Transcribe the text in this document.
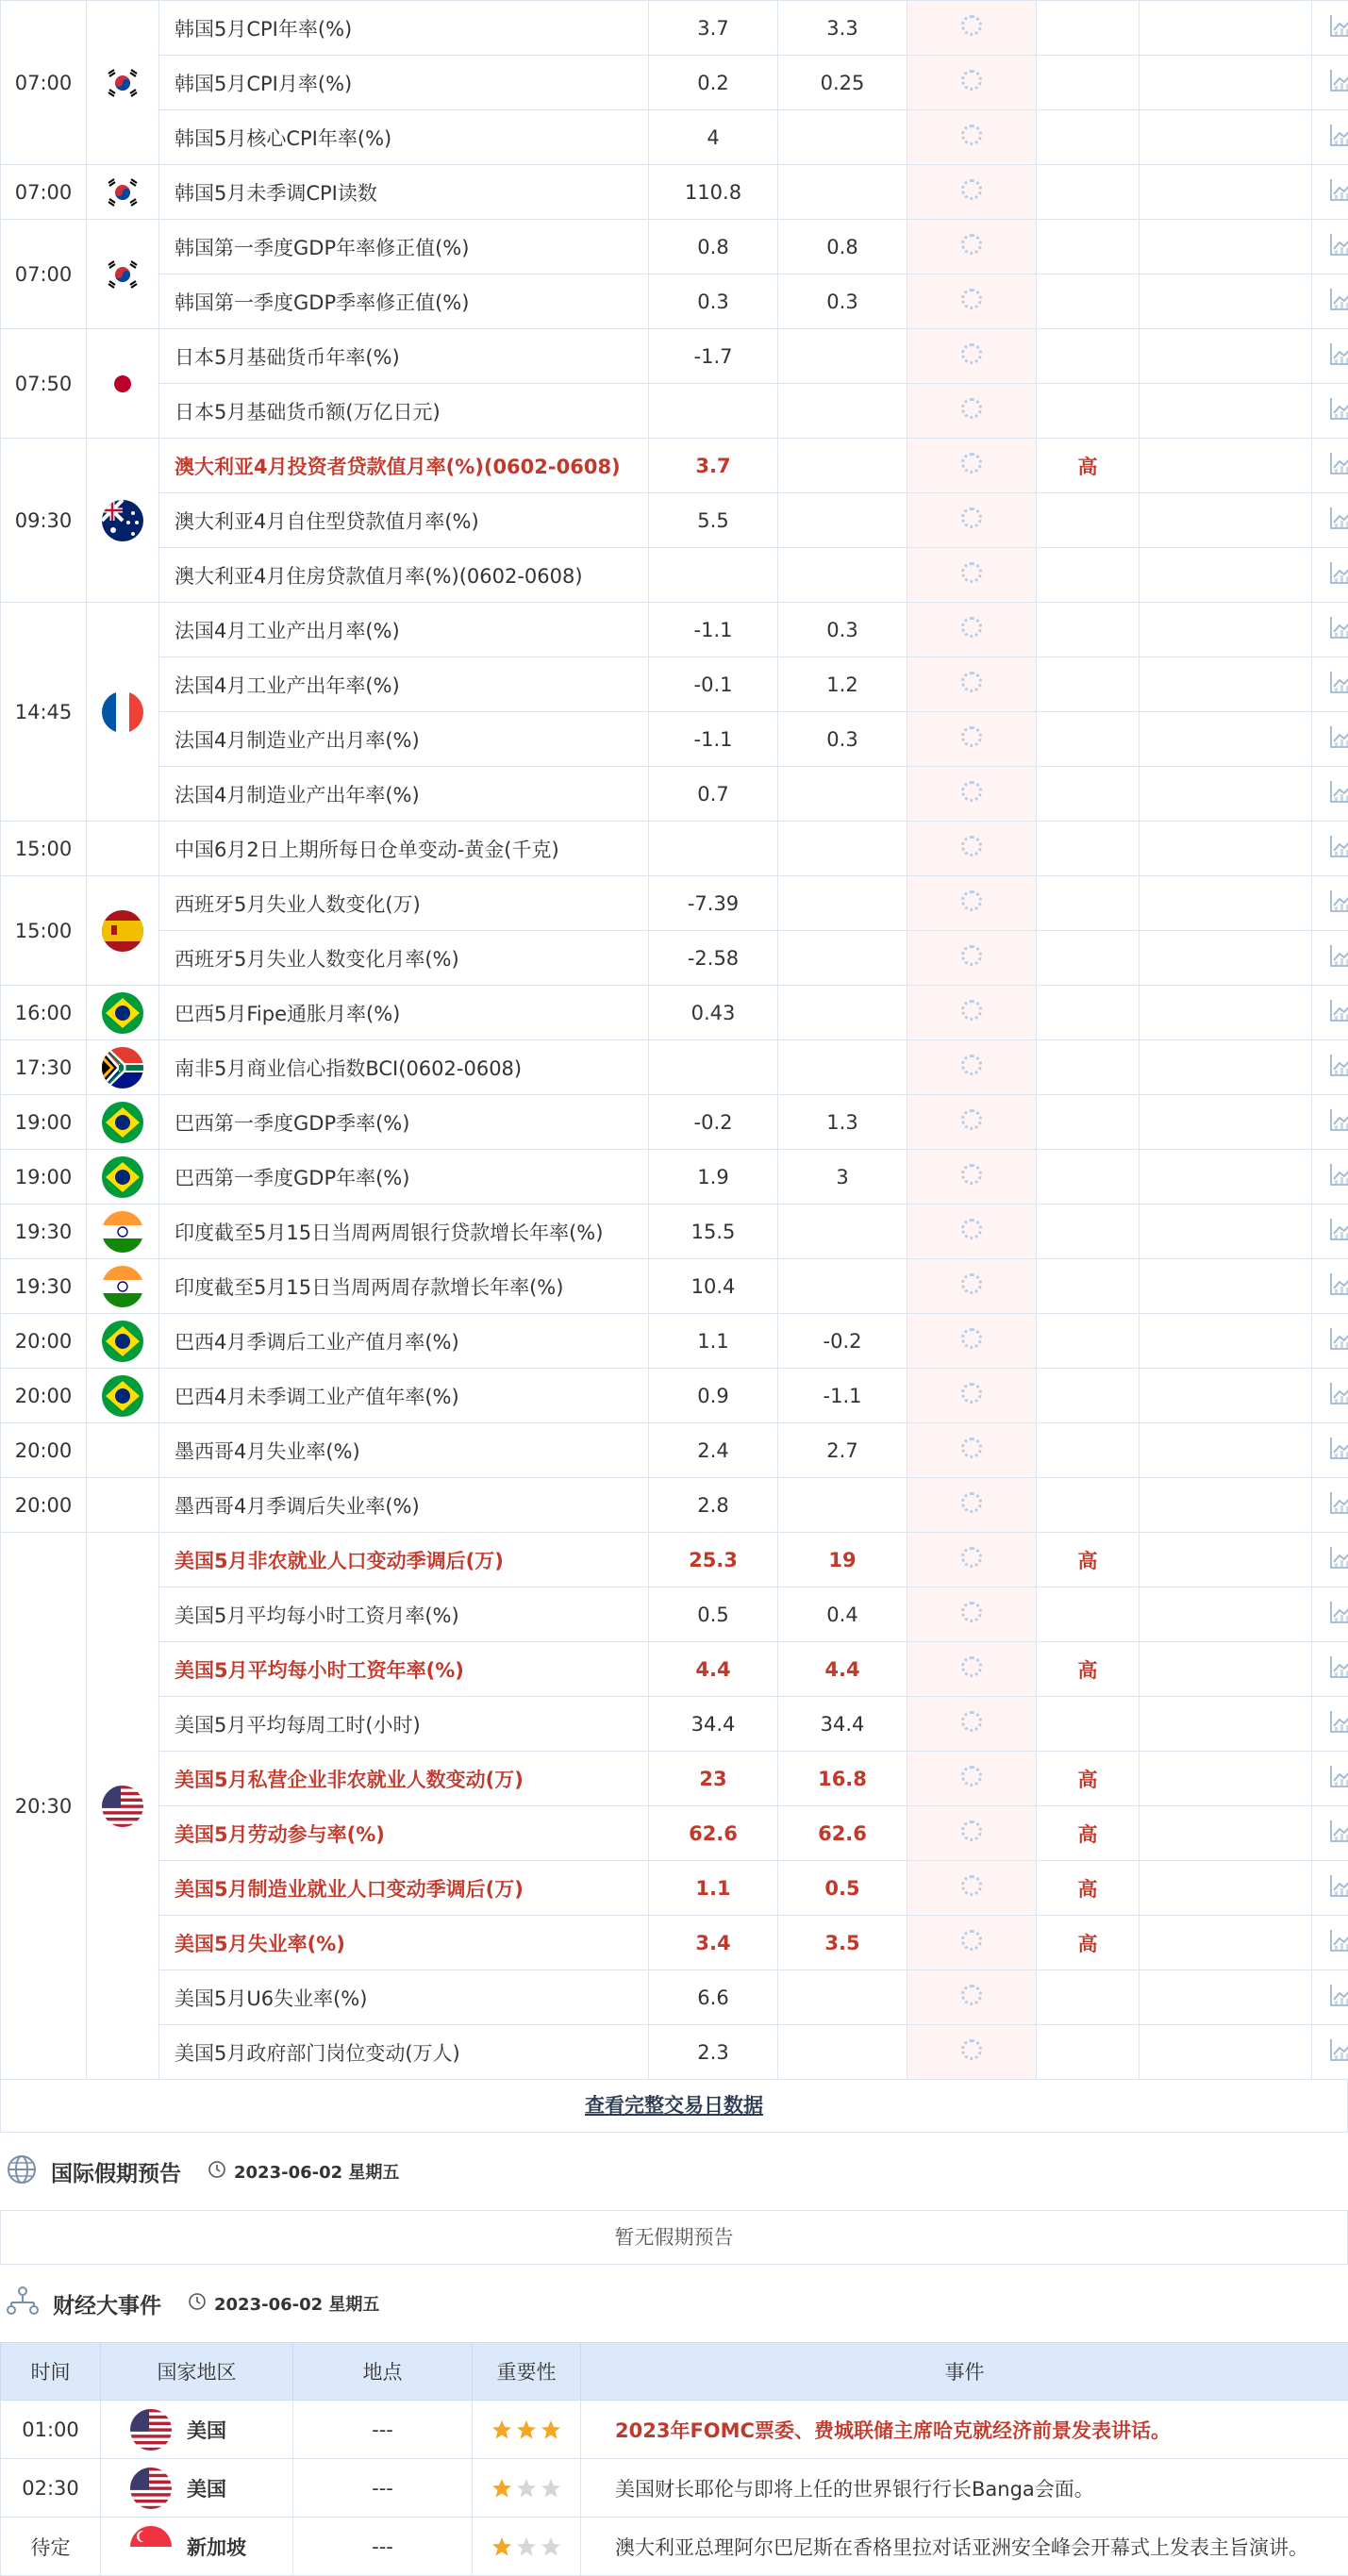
07:00		韩国5月CPI年率(%)	3.7	3.3				
		韩国5月CPI月率(%)	0.2	0.25				
		韩国5月核心CPI年率(%)	4					
07:00		韩国5月未季调CPI读数	110.8					
07:00		韩国第一季度GDP年率修正值(%)	0.8	0.8				
		韩国第一季度GDP季率修正值(%)	0.3	0.3				
07:50		日本5月基础货币年率(%)	-1.7					
		日本5月基础货币额(万亿日元)						
09:30		澳大利亚4月投资者贷款值月率(%)(0602-0608)	3.7			高		
		澳大利亚4月自住型贷款值月率(%)	5.5					
		澳大利亚4月住房贷款值月率(%)(0602-0608)						
14:45		法国4月工业产出月率(%)	-1.1	0.3				
		法国4月工业产出年率(%)	-0.1	1.2				
		法国4月制造业产出月率(%)	-1.1	0.3				
		法国4月制造业产出年率(%)	0.7					
15:00		中国6月2日上期所每日仓单变动-黄金(千克)						
15:00		西班牙5月失业人数变化(万)	-7.39					
		西班牙5月失业人数变化月率(%)	-2.58					
16:00		巴西5月Fipe通胀月率(%)	0.43					
17:30		南非5月商业信心指数BCI(0602-0608)						
19:00		巴西第一季度GDP季率(%)	-0.2	1.3				
19:00		巴西第一季度GDP年率(%)	1.9	3				
19:30		印度截至5月15日当周两周银行贷款增长年率(%)	15.5					
19:30		印度截至5月15日当周两周存款增长年率(%)	10.4					
20:00		巴西4月季调后工业产值月率(%)	1.1	-0.2				
20:00		巴西4月未季调工业产值年率(%)	0.9	-1.1				
20:00		墨西哥4月失业率(%)	2.4	2.7				
20:00		墨西哥4月季调后失业率(%)	2.8					
20:30		美国5月非农就业人口变动季调后(万)	25.3	19		高		
		美国5月平均每小时工资月率(%)	0.5	0.4				
		美国5月平均每小时工资年率(%)	4.4	4.4		高		
		美国5月平均每周工时(小时)	34.4	34.4				
		美国5月私营企业非农就业人数变动(万)	23	16.8		高		
		美国5月劳动参与率(%)	62.6	62.6		高		
		美国5月制造业就业人口变动季调后(万)	1.1	0.5		高		
		美国5月失业率(%)	3.4	3.5		高		
		美国5月U6失业率(%)	6.6					
		美国5月政府部门岗位变动(万人)	2.3					
查看完整交易日数据
国际假期预告	2023-06-02 星期五
暂无假期预告
财经大事件	2023-06-02 星期五
时间	国家地区	地点	重要性	事件
01:00	美国	---		2023年FOMC票委、费城联储主席哈克就经济前景发表讲话。
02:30	美国	---		美国财长耶伦与即将上任的世界银行行长Banga会面。
待定	新加坡	---		澳大利亚总理阿尔巴尼斯在香格里拉对话亚洲安全峰会开幕式上发表主旨演讲。
